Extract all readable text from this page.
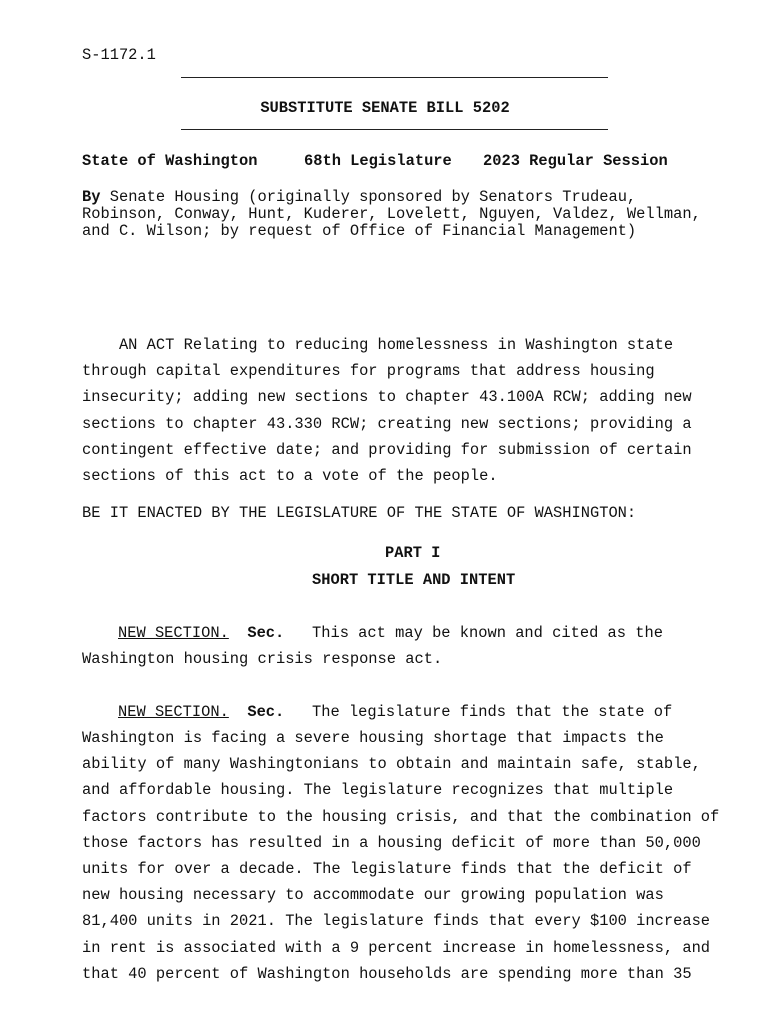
S-1172.1
SUBSTITUTE SENATE BILL 5202
State of Washington	68th Legislature 2023 Regular Session
By Senate Housing (originally sponsored by Senators Trudeau,
Robinson, Conway, Hunt, Kuderer, Lovelett, Nguyen, Valdez, Wellman,
and C. Wilson; by request of Office of Financial Management)
AN ACT Relating to reducing homelessness in Washington state
through capital expenditures for programs that address housing
insecurity; adding new sections to chapter 43.100A RCW; adding new
sections to chapter 43.330 RCW; creating new sections; providing a
contingent effective date; and providing for submission of certain
sections of this act to a vote of the people.
BE IT ENACTED BY THE LEGISLATURE OF THE STATE OF WASHINGTON:
PART I
SHORT TITLE AND INTENT
NEW SECTION. Sec. This act may be known and cited as the
Washington housing crisis response act.
NEW SECTION. Sec. The legislature finds that the state of
Washington is facing a severe housing shortage that impacts the
ability of many Washingtonians to obtain and maintain safe, stable,
and affordable housing. The legislature recognizes that multiple
factors contribute to the housing crisis, and that the combination of
those factors has resulted in a housing deficit of more than 50,000
units for over a decade. The legislature finds that the deficit of
new housing necessary to accommodate our growing population was
81,400 units in 2021. The legislature finds that every $100 increase
in rent is associated with a 9 percent increase in homelessness, and
that 40 percent of Washington households are spending more than 35
